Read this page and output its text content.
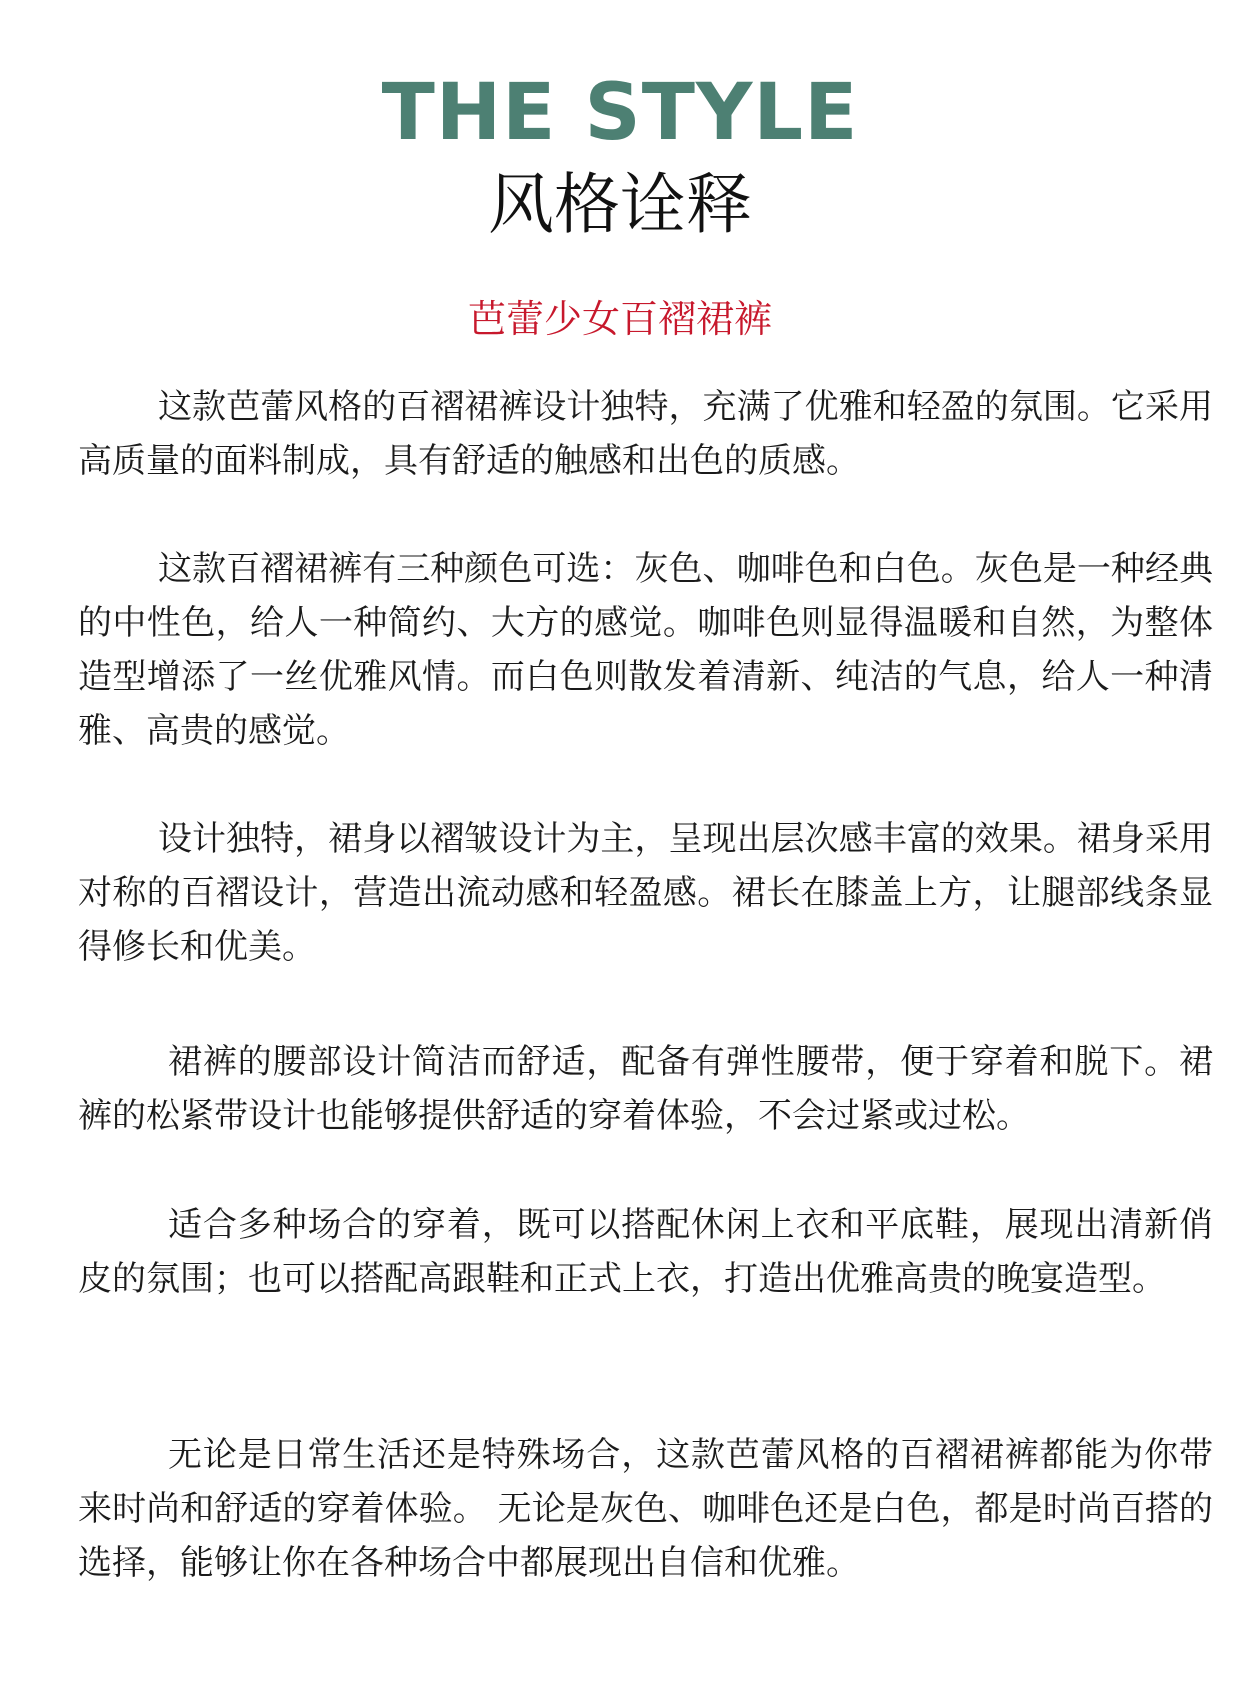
THE STYLE
风格诠释
芭蕾少女百褶裙裤

这款芭蕾风格的百褶裙裤设计独特，充满了优雅和轻盈的氛围。它采用高质量的面料制成，具有舒适的触感和出色的质感。

这款百褶裙裤有三种颜色可选：灰色、咖啡色和白色。灰色是一种经典的中性色，给人一种简约、大方的感觉。咖啡色则显得温暖和自然，为整体造型增添了一丝优雅风情。而白色则散发着清新、纯洁的气息，给人一种清雅、高贵的感觉。

设计独特，裙身以褶皱设计为主，呈现出层次感丰富的效果。裙身采用对称的百褶设计，营造出流动感和轻盈感。裙长在膝盖上方，让腿部线条显得修长和优美。

裙裤的腰部设计简洁而舒适，配备有弹性腰带，便于穿着和脱下。裙裤的松紧带设计也能够提供舒适的穿着体验，不会过紧或过松。

适合多种场合的穿着，既可以搭配休闲上衣和平底鞋，展现出清新俏皮的氛围；也可以搭配高跟鞋和正式上衣，打造出优雅高贵的晚宴造型。

无论是日常生活还是特殊场合，这款芭蕾风格的百褶裙裤都能为你带来时尚和舒适的穿着体验。 无论是灰色、咖啡色还是白色，都是时尚百搭的选择，能够让你在各种场合中都展现出自信和优雅。
